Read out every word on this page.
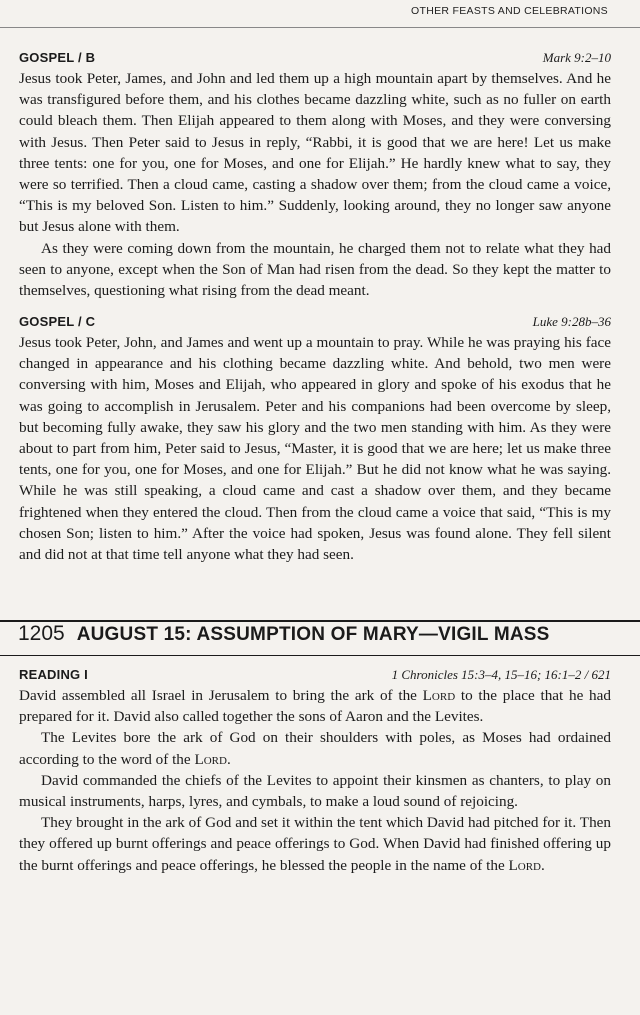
OTHER FEASTS AND CELEBRATIONS
GOSPEL / B	Mark 9:2–10

Jesus took Peter, James, and John and led them up a high mountain apart by themselves. And he was transfigured before them, and his clothes became dazzling white, such as no fuller on earth could bleach them. Then Elijah appeared to them along with Moses, and they were conversing with Jesus. Then Peter said to Jesus in reply, “Rabbi, it is good that we are here! Let us make three tents: one for you, one for Moses, and one for Elijah.” He hardly knew what to say, they were so terrified. Then a cloud came, casting a shadow over them; from the cloud came a voice, “This is my beloved Son. Listen to him.” Suddenly, looking around, they no longer saw anyone but Jesus alone with them.

As they were coming down from the mountain, he charged them not to relate what they had seen to anyone, except when the Son of Man had risen from the dead. So they kept the matter to themselves, questioning what rising from the dead meant.

GOSPEL / C	Luke 9:28b–36

Jesus took Peter, John, and James and went up a mountain to pray. While he was praying his face changed in appearance and his clothing became dazzling white. And behold, two men were conversing with him, Moses and Elijah, who appeared in glory and spoke of his exodus that he was going to accomplish in Jerusalem. Peter and his companions had been overcome by sleep, but becoming fully awake, they saw his glory and the two men standing with him. As they were about to part from him, Peter said to Jesus, “Master, it is good that we are here; let us make three tents, one for you, one for Moses, and one for Elijah.” But he did not know what he was saying. While he was still speaking, a cloud came and cast a shadow over them, and they became frightened when they entered the cloud. Then from the cloud came a voice that said, “This is my chosen Son; listen to him.” After the voice had spoken, Jesus was found alone. They fell silent and did not at that time tell anyone what they had seen.

1205 AUGUST 15: ASSUMPTION OF MARY—VIGIL MASS
READING I	1 Chronicles 15:3–4, 15–16; 16:1–2 / 621

David assembled all Israel in Jerusalem to bring the ark of the Lord to the place that he had prepared for it. David also called together the sons of Aaron and the Levites.

The Levites bore the ark of God on their shoulders with poles, as Moses had ordained according to the word of the Lord.

David commanded the chiefs of the Levites to appoint their kinsmen as chanters, to play on musical instruments, harps, lyres, and cymbals, to make a loud sound of rejoicing.

They brought in the ark of God and set it within the tent which David had pitched for it. Then they offered up burnt offerings and peace offerings to God. When David had finished offering up the burnt offerings and peace offerings, he blessed the people in the name of the Lord.
